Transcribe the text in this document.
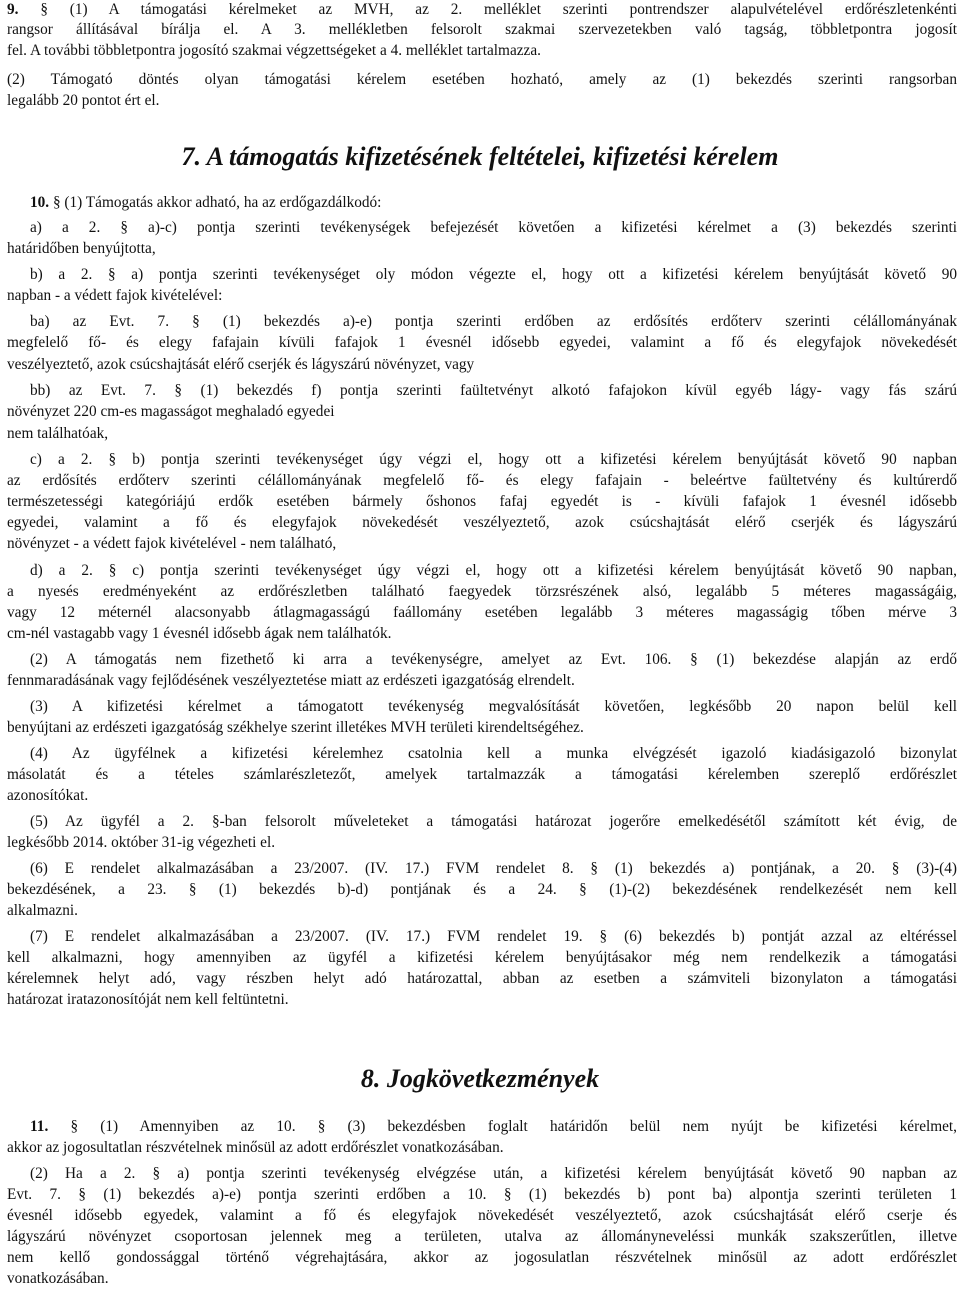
9. § (1) A támogatási kérelmeket az MVH, az 2. melléklet szerinti pontrendszer alapulvételével erdőrészletenkénti
rangsor állításával bírálja el. A 3. mellékletben felsorolt szakmai szervezetekben való tagság, többletpontra jogosít
fel. A további többletpontra jogosító szakmai végzettségeket a 4. melléklet tartalmazza.
(2) Támogató döntés olyan támogatási kérelem esetében hozható, amely az (1) bekezdés szerinti rangsorban
legalább 20 pontot ért el.
7. A támogatás kifizetésének feltételei, kifizetési kérelem
10. § (1) Támogatás akkor adható, ha az erdőgazdálkodó:
a) a 2. § a)-c) pontja szerinti tevékenységek befejezését követően a kifizetési kérelmet a (3) bekezdés szerinti
határidőben benyújtotta,
b) a 2. § a) pontja szerinti tevékenységet oly módon végezte el, hogy ott a kifizetési kérelem benyújtását követő 90
napban - a védett fajok kivételével:
ba) az Evt. 7. § (1) bekezdés a)-e) pontja szerinti erdőben az erdősítés erdőterv szerinti célállományának
megfelelő fő- és elegy fafajain kívüli fafajok 1 évesnél idősebb egyedei, valamint a fő és elegyfajok növekedését
veszélyeztető, azok csúcshajtását elérő cserjék és lágyszárú növényzet, vagy
bb) az Evt. 7. § (1) bekezdés f) pontja szerinti faültetvényt alkotó fafajokon kívül egyéb lágy- vagy fás szárú
növényzet 220 cm-es magasságot meghaladó egyedei
nem találhatóak,
c) a 2. § b) pontja szerinti tevékenységet úgy végzi el, hogy ott a kifizetési kérelem benyújtását követő 90 napban
az erdősítés erdőterv szerinti célállományának megfelelő fő- és elegy fafajain - beleértve faültetvény és kultúrerdő
természetességi kategóriájú erdők esetében bármely őshonos fafaj egyedét is - kívüli fafajok 1 évesnél idősebb
egyedei, valamint a fő és elegyfajok növekedését veszélyeztető, azok csúcshajtását elérő cserjék és lágyszárú
növényzet - a védett fajok kivételével - nem található,
d) a 2. § c) pontja szerinti tevékenységet úgy végzi el, hogy ott a kifizetési kérelem benyújtását követő 90 napban,
a nyesés eredményeként az erdőrészletben található faegyedek törzsrészének alsó, legalább 5 méteres magasságáig,
vagy 12 méternél alacsonyabb átlagmagasságú faállomány esetében legalább 3 méteres magasságig tőben mérve 3
cm-nél vastagabb vagy 1 évesnél idősebb ágak nem találhatók.
(2) A támogatás nem fizethető ki arra a tevékenységre, amelyet az Evt. 106. § (1) bekezdése alapján az erdő
fennmaradásának vagy fejlődésének veszélyeztetése miatt az erdészeti igazgatóság elrendelt.
(3) A kifizetési kérelmet a támogatott tevékenység megvalósítását követően, legkésőbb 20 napon belül kell
benyújtani az erdészeti igazgatóság székhelye szerint illetékes MVH területi kirendeltségéhez.
(4) Az ügyfélnek a kifizetési kérelemhez csatolnia kell a munka elvégzését igazoló kiadásigazoló bizonylat
másolatát és a tételes számlarészletezőt, amelyek tartalmazzák a támogatási kérelemben szereplő erdőrészlet
azonosítókat.
(5) Az ügyfél a 2. §-ban felsorolt műveleteket a támogatási határozat jogerőre emelkedésétől számított két évig, de
legkésőbb 2014. október 31-ig végezheti el.
(6) E rendelet alkalmazásában a 23/2007. (IV. 17.) FVM rendelet 8. § (1) bekezdés a) pontjának, a 20. § (3)-(4)
bekezdésének, a 23. § (1) bekezdés b)-d) pontjának és a 24. § (1)-(2) bekezdésének rendelkezését nem kell
alkalmazni.
(7) E rendelet alkalmazásában a 23/2007. (IV. 17.) FVM rendelet 19. § (6) bekezdés b) pontját azzal az eltéréssel
kell alkalmazni, hogy amennyiben az ügyfél a kifizetési kérelem benyújtásakor még nem rendelkezik a támogatási
kérelemnek helyt adó, vagy részben helyt adó határozattal, abban az esetben a számviteli bizonylaton a támogatási
határozat iratazonosítóját nem kell feltüntetni.
8. Jogkövetkezmények
11. § (1) Amennyiben az 10. § (3) bekezdésben foglalt határidőn belül nem nyújt be kifizetési kérelmet,
akkor az jogosultatlan részvételnek minősül az adott erdőrészlet vonatkozásában.
(2) Ha a 2. § a) pontja szerinti tevékenység elvégzése után, a kifizetési kérelem benyújtását követő 90 napban az
Evt. 7. § (1) bekezdés a)-e) pontja szerinti erdőben a 10. § (1) bekezdés b) pont ba) alpontja szerinti területen 1
évesnél idősebb egyedek, valamint a fő és elegyfajok növekedését veszélyeztető, azok csúcshajtását elérő cserje és
lágyszárú növényzet csoportosan jelennek meg a területen, utalva az állományneveléssi munkák szakszerűtlen, illetve
nem kellő gondossággal történő végrehajtására, akkor az jogosulatlan részvételnek minősül az adott erdőrészlet
vonatkozásában.
